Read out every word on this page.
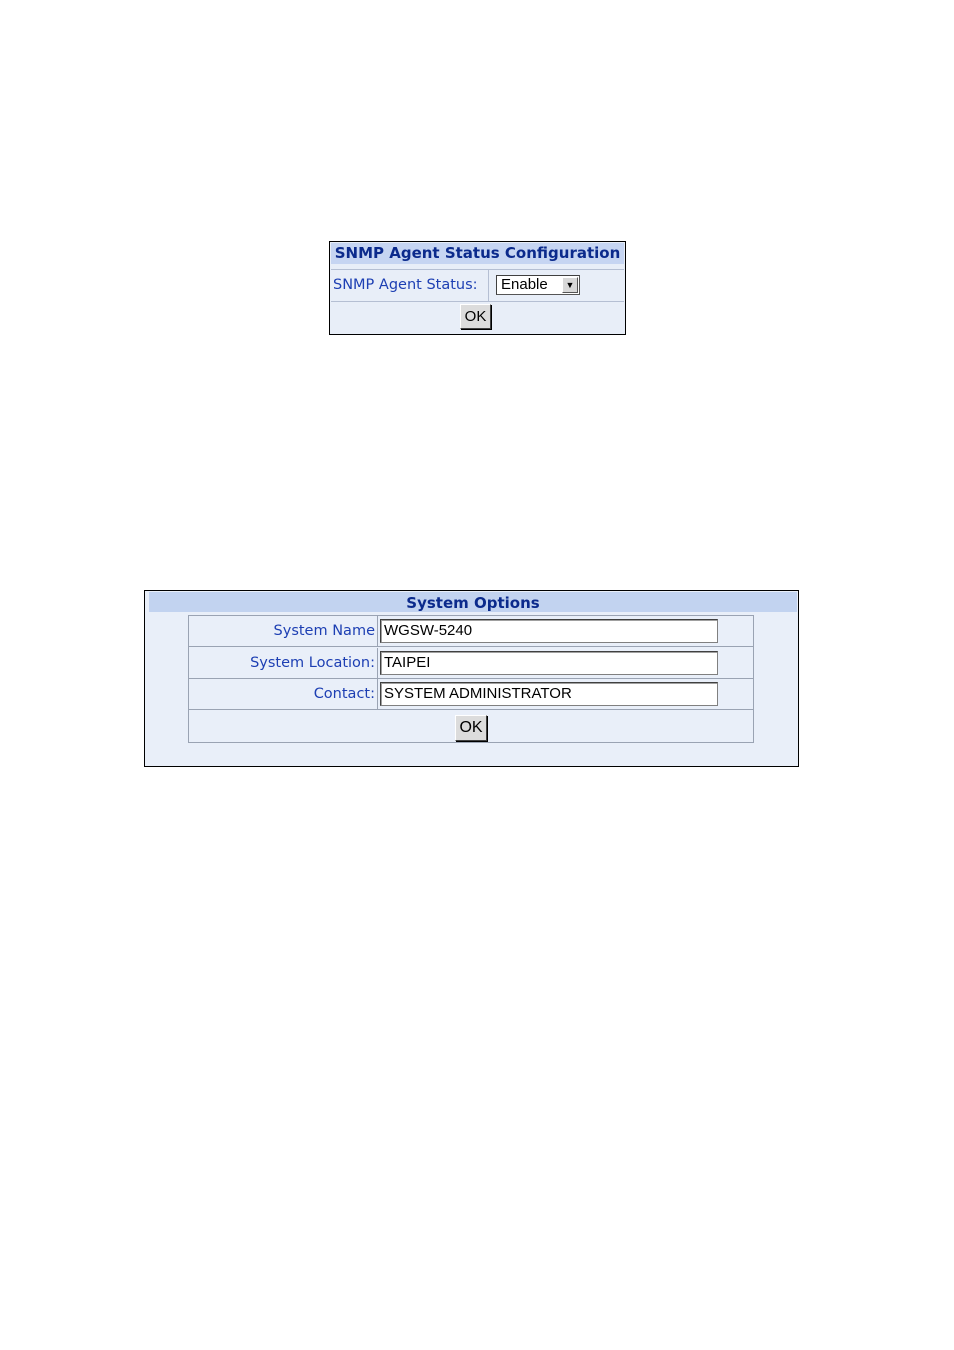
SNMP Agent Status Configuration
SNMP Agent Status: Enable	▼
OK
System Options
System Name WGSW-5240
System Location: TAIPEI
Contact: SYSTEM ADMINISTRATOR
OK
